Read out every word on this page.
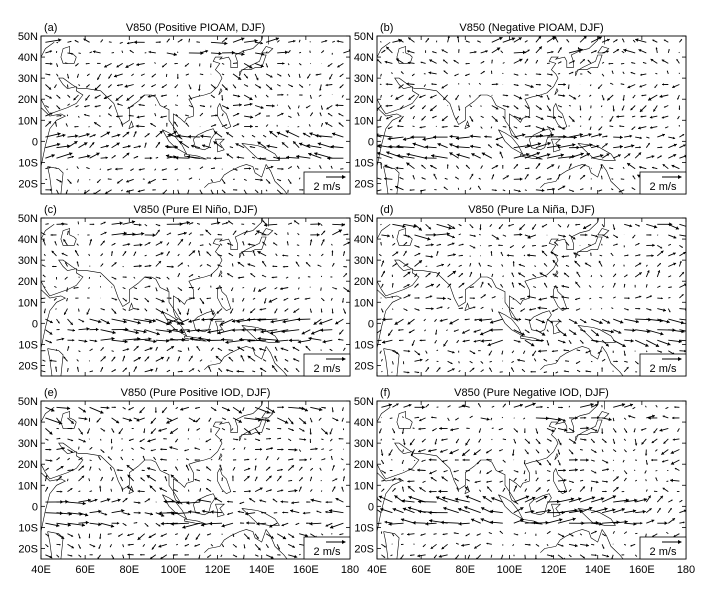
50N
40N
30N
20N
10N
0
10S
20S
(a)	V850 (Positive PIOAM, DJF)
2 m/s
50N
40N
30N
20N
10N
0
10S
20S
(b)	V850 (Negative PIOAM, DJF)
2 m/s
50N
40N
30N
20N
10N
0
10S
20S
(c)	V850 (Pure El Niño, DJF)
2 m/s
50N
40N
30N
20N
10N
0
10S
20S
(d)	V850 (Pure La Niña, DJF)
2 m/s
50N
40N
30N
20N
10N
0
10S
20S
40E 60E 80E 100E 120E 140E 160E 180
(e)	V850 (Pure Positive IOD, DJF)
2 m/s
50N
40N
30N
20N
10N
0
10S
20S
40E 60E 80E 100E 120E 140E 160E 180
(f)	V850 (Pure Negative IOD, DJF)
2 m/s
